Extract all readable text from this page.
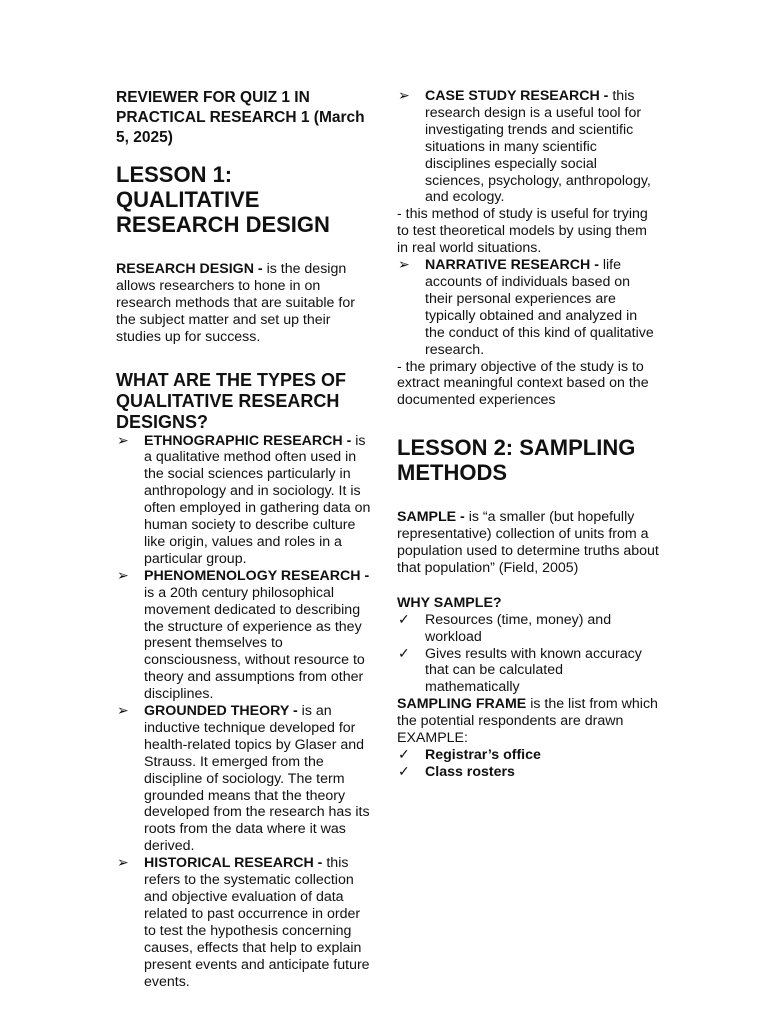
REVIEWER FOR QUIZ 1 IN PRACTICAL RESEARCH 1 (March 5, 2025)
LESSON 1: QUALITATIVE RESEARCH DESIGN

RESEARCH DESIGN - is the design allows researchers to hone in on research methods that are suitable for the subject matter and set up their studies up for success.

WHAT ARE THE TYPES OF QUALITATIVE RESEARCH DESIGNS?
➢ ETHNOGRAPHIC RESEARCH - is a qualitative method often used in the social sciences particularly in anthropology and in sociology. It is often employed in gathering data on human society to describe culture like origin, values and roles in a particular group.
➢ PHENOMENOLOGY RESEARCH - is a 20th century philosophical movement dedicated to describing the structure of experience as they present themselves to consciousness, without resource to theory and assumptions from other disciplines.
➢ GROUNDED THEORY - is an inductive technique developed for health-related topics by Glaser and Strauss. It emerged from the discipline of sociology. The term grounded means that the theory developed from the research has its roots from the data where it was derived.
➢ HISTORICAL RESEARCH - this refers to the systematic collection and objective evaluation of data related to past occurrence in order to test the hypothesis concerning causes, effects that help to explain present events and anticipate future events.
➢ CASE STUDY RESEARCH - this research design is a useful tool for investigating trends and scientific situations in many scientific disciplines especially social sciences, psychology, anthropology, and ecology.

- this method of study is useful for trying to test theoretical models by using them in real world situations.

➢ NARRATIVE RESEARCH - life accounts of individuals based on their personal experiences are typically obtained and analyzed in the conduct of this kind of qualitative research.

- the primary objective of the study is to extract meaningful context based on the documented experiences

LESSON 2: SAMPLING METHODS

SAMPLE - is “a smaller (but hopefully representative) collection of units from a population used to determine truths about that population” (Field, 2005)

WHY SAMPLE?

✓ Resources (time, money) and workload
✓ Gives results with known accuracy that can be calculated mathematically

SAMPLING FRAME is the list from which the potential respondents are drawn

EXAMPLE:

✓ Registrar’s office
✓ Class rosters
